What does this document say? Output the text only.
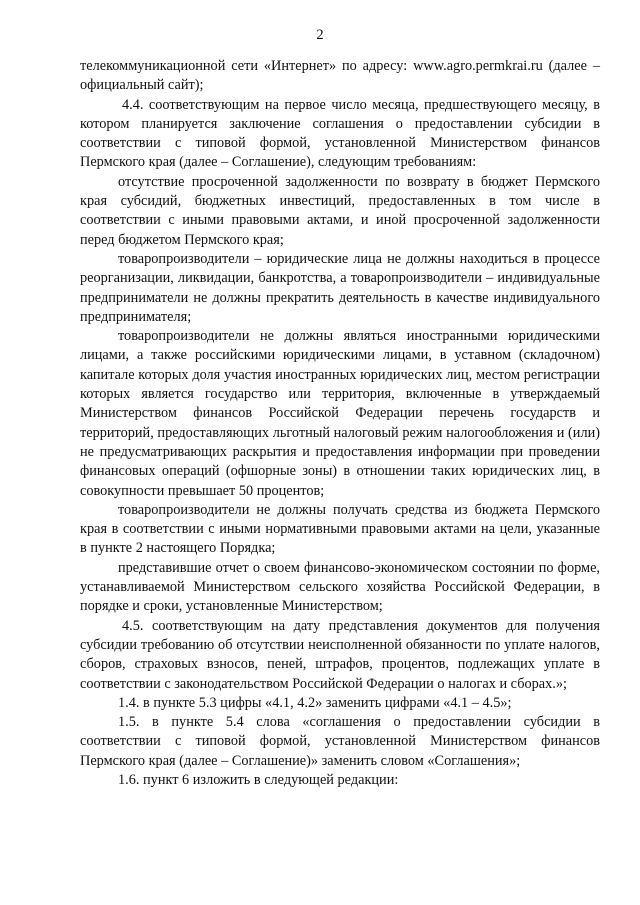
2

телекоммуникационной сети «Интернет» по адресу: www.agro.permkrai.ru (далее – официальный сайт);

4.4. соответствующим на первое число месяца, предшествующего месяцу, в котором планируется заключение соглашения о предоставлении субсидии в соответствии с типовой формой, установленной Министерством финансов Пермского края (далее – Соглашение), следующим требованиям:

отсутствие просроченной задолженности по возврату в бюджет Пермского края субсидий, бюджетных инвестиций, предоставленных в том числе в соответствии с иными правовыми актами, и иной просроченной задолженности перед бюджетом Пермского края;

товаропроизводители – юридические лица не должны находиться в процессе реорганизации, ликвидации, банкротства, а товаропроизводители – индивидуальные предприниматели не должны прекратить деятельность в качестве индивидуального предпринимателя;

товаропроизводители не должны являться иностранными юридическими лицами, а также российскими юридическими лицами, в уставном (складочном) капитале которых доля участия иностранных юридических лиц, местом регистрации которых является государство или территория, включенные в утверждаемый Министерством финансов Российской Федерации перечень государств и территорий, предоставляющих льготный налоговый режим налогообложения и (или) не предусматривающих раскрытия и предоставления информации при проведении финансовых операций (офшорные зоны) в отношении таких юридических лиц, в совокупности превышает 50 процентов;

товаропроизводители не должны получать средства из бюджета Пермского края в соответствии с иными нормативными правовыми актами на цели, указанные в пункте 2 настоящего Порядка;

представившие отчет о своем финансово-экономическом состоянии по форме, устанавливаемой Министерством сельского хозяйства Российской Федерации, в порядке и сроки, установленные Министерством;

4.5. соответствующим на дату представления документов для получения субсидии требованию об отсутствии неисполненной обязанности по уплате налогов, сборов, страховых взносов, пеней, штрафов, процентов, подлежащих уплате в соответствии с законодательством Российской Федерации о налогах и сборах.»;

1.4. в пункте 5.3 цифры «4.1, 4.2» заменить цифрами «4.1 – 4.5»;

1.5. в пункте 5.4 слова «соглашения о предоставлении субсидии в соответствии с типовой формой, установленной Министерством финансов Пермского края (далее – Соглашение)» заменить словом «Соглашения»;

1.6. пункт 6 изложить в следующей редакции:
